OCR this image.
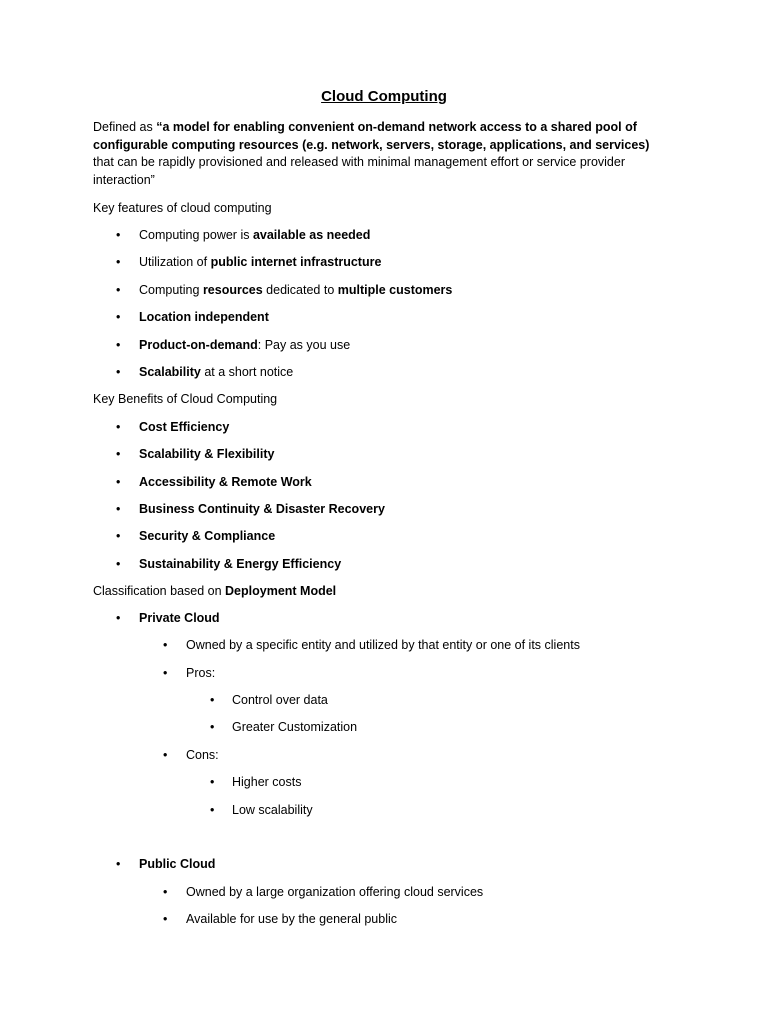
Cloud Computing
Defined as “a model for enabling convenient on-demand network access to a shared pool of configurable computing resources (e.g. network, servers, storage, applications, and services) that can be rapidly provisioned and released with minimal management effort or service provider interaction”
Key features of cloud computing
• Computing power is available as needed
• Utilization of public internet infrastructure
• Computing resources dedicated to multiple customers
• Location independent
• Product-on-demand: Pay as you use
• Scalability at a short notice
Key Benefits of Cloud Computing
• Cost Efficiency
• Scalability & Flexibility
• Accessibility & Remote Work
• Business Continuity & Disaster Recovery
• Security & Compliance
• Sustainability & Energy Efficiency
Classification based on Deployment Model
• Private Cloud
• Owned by a specific entity and utilized by that entity or one of its clients
• Pros:
• Control over data
• Greater Customization
• Cons:
• Higher costs
• Low scalability
• Public Cloud
• Owned by a large organization offering cloud services
• Available for use by the general public
